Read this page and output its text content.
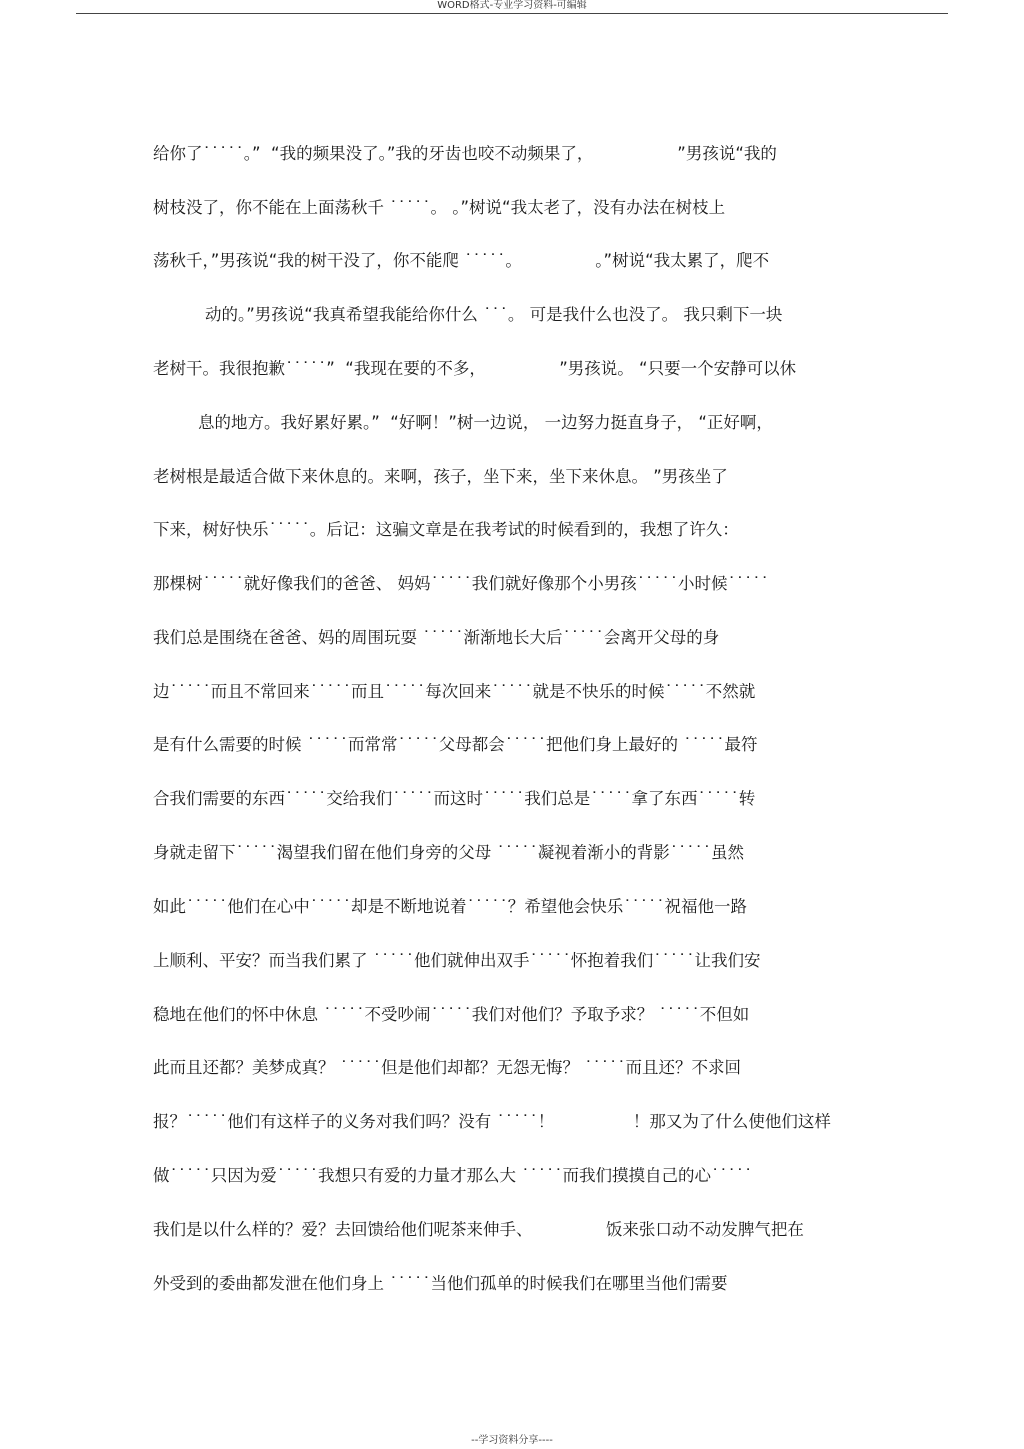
WORD格式-专业学习资料-可编辑
给你了˙˙˙˙˙。”  “我的频果没了。”我的牙齿也咬不动频果了，                ”男孩说“我的
树枝没了，你不能在上面荡秋千 ˙˙˙˙˙。 。”树说“我太老了，没有办法在树枝上
荡秋千，”男孩说“我的树干没了，你不能爬 ˙˙˙˙˙。              。”树说“我太累了，爬不
动的。”男孩说“我真希望我能给你什么 ˙˙˙。 可是我什么也没了。 我只剩下一块
老树干。我很抱歉˙˙˙˙˙”  “我现在要的不多，              ”男孩说。 “只要一个安静可以休
息的地方。我好累好累。”  “好啊！”树一边说， 一边努力挺直身子， “正好啊，
老树根是最适合做下来休息的。来啊，孩子，坐下来，坐下来休息。 ”男孩坐了
下来，树好快乐˙˙˙˙˙。后记：这骗文章是在我考试的时候看到的，我想了许久：
那棵树˙˙˙˙˙就好像我们的爸爸、 妈妈˙˙˙˙˙我们就好像那个小男孩˙˙˙˙˙小时候˙˙˙˙˙
我们总是围绕在爸爸、妈的周围玩耍 ˙˙˙˙˙渐渐地长大后˙˙˙˙˙会离开父母的身
边˙˙˙˙˙而且不常回来˙˙˙˙˙而且˙˙˙˙˙每次回来˙˙˙˙˙就是不快乐的时候˙˙˙˙˙不然就
是有什么需要的时候 ˙˙˙˙˙而常常˙˙˙˙˙父母都会˙˙˙˙˙把他们身上最好的 ˙˙˙˙˙最符
合我们需要的东西˙˙˙˙˙交给我们˙˙˙˙˙而这时˙˙˙˙˙我们总是˙˙˙˙˙拿了东西˙˙˙˙˙转
身就走留下˙˙˙˙˙渴望我们留在他们身旁的父母 ˙˙˙˙˙凝视着渐小的背影˙˙˙˙˙虽然
如此˙˙˙˙˙他们在心中˙˙˙˙˙却是不断地说着˙˙˙˙˙？希望他会快乐˙˙˙˙˙祝福他一路
上顺利、平安？而当我们累了 ˙˙˙˙˙他们就伸出双手˙˙˙˙˙怀抱着我们˙˙˙˙˙让我们安
稳地在他们的怀中休息 ˙˙˙˙˙不受吵闹˙˙˙˙˙我们对他们？予取予求？ ˙˙˙˙˙不但如
此而且还都？美梦成真？ ˙˙˙˙˙但是他们却都？无怨无悔？ ˙˙˙˙˙而且还？不求回
报？˙˙˙˙˙他们有这样子的义务对我们吗？没有 ˙˙˙˙˙！               ！那又为了什么使他们这样
做˙˙˙˙˙只因为爱˙˙˙˙˙我想只有爱的力量才那么大 ˙˙˙˙˙而我们摸摸自己的心˙˙˙˙˙
我们是以什么样的？爱？去回馈给他们呢茶来伸手、              饭来张口动不动发脾气把在
外受到的委曲都发泄在他们身上 ˙˙˙˙˙当他们孤单的时候我们在哪里当他们需要
--学习资料分享----
